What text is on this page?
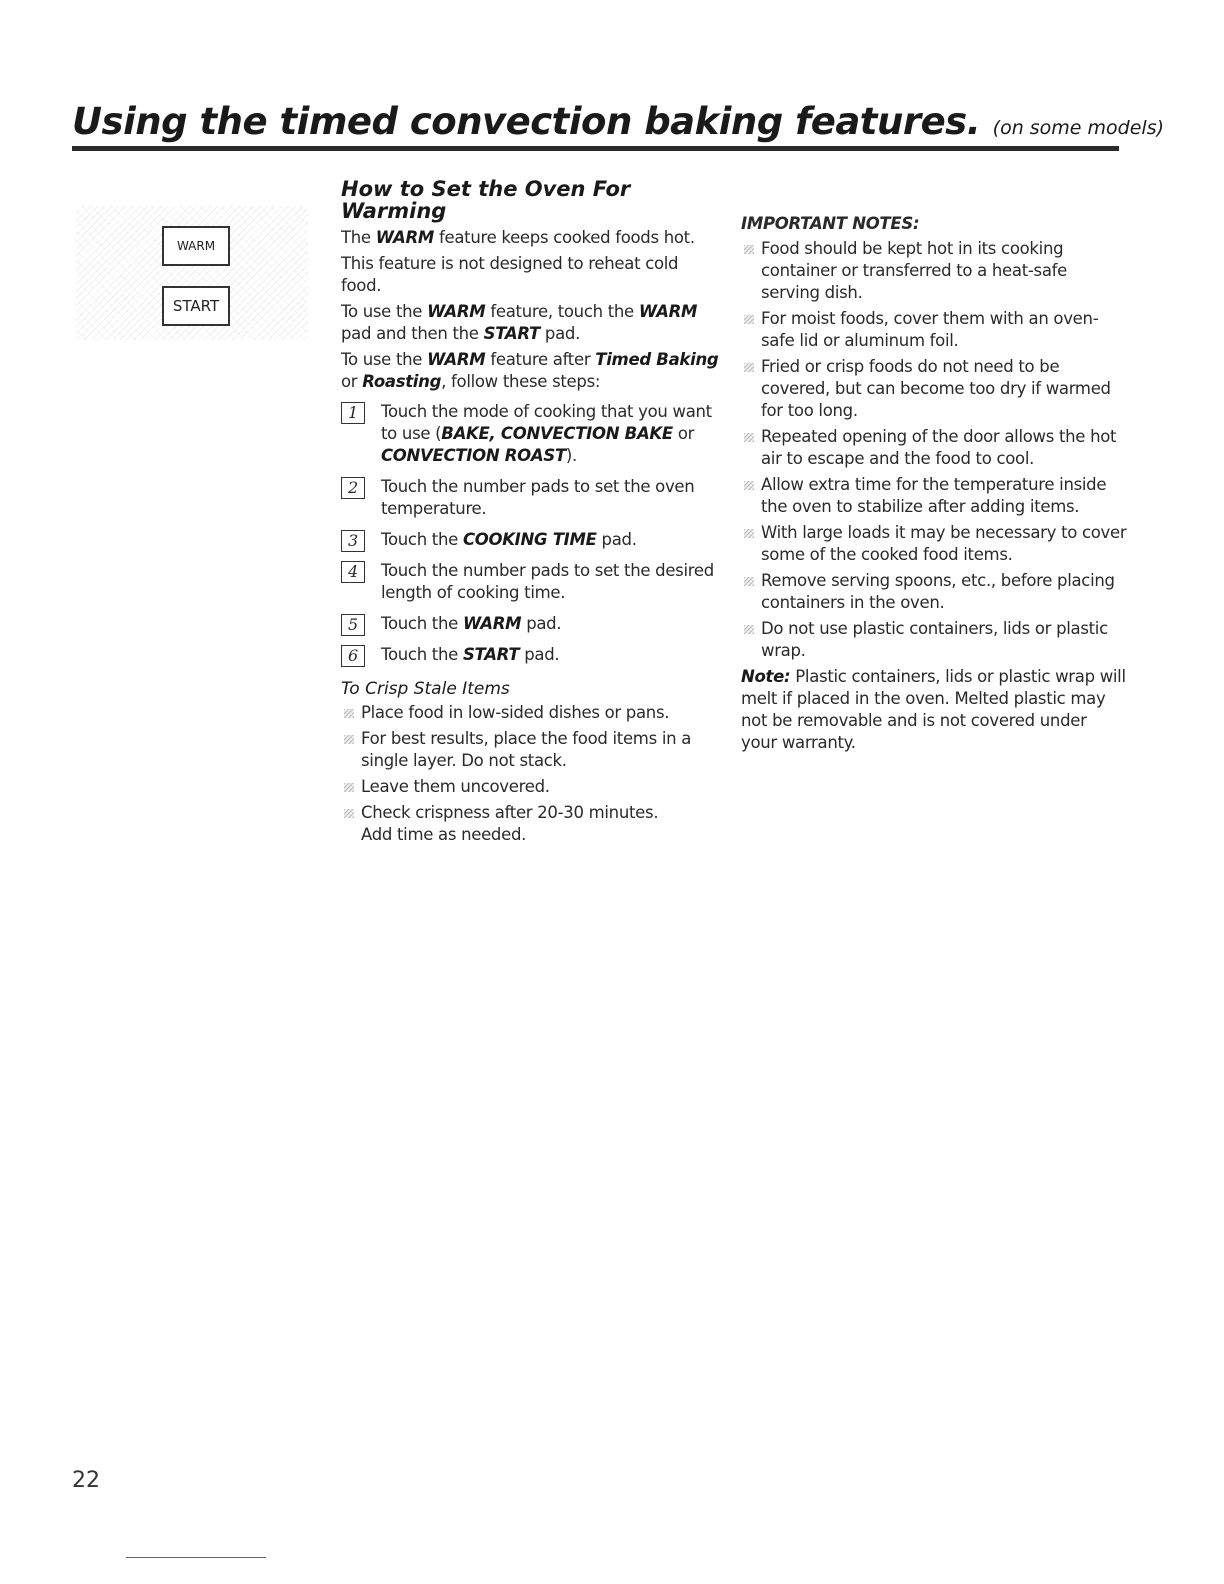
Using the timed convection baking features. (on some models)
WARM
START
How to Set the Oven For Warming

The WARM feature keeps cooked foods hot.

This feature is not designed to reheat cold food.

To use the WARM feature, touch the WARM pad and then the START pad.

To use the WARM feature after Timed Baking or Roasting, follow these steps:

1	Touch the mode of cooking that you want to use (BAKE, CONVECTION BAKE or CONVECTION ROAST).
2	Touch the number pads to set the oven temperature.
3	Touch the COOKING TIME pad.
4	Touch the number pads to set the desired length of cooking time.
5	Touch the WARM pad.
6	Touch the START pad.
To Crisp Stale Items
Place food in low-sided dishes or pans.
For best results, place the food items in a single layer. Do not stack.
Leave them uncovered.
Check crispness after 20-30 minutes.
Add time as needed.
IMPORTANT NOTES:
Food should be kept hot in its cooking container or transferred to a heat-safe serving dish.
For moist foods, cover them with an oven-safe lid or aluminum foil.
Fried or crisp foods do not need to be covered, but can become too dry if warmed for too long.
Repeated opening of the door allows the hot air to escape and the food to cool.
Allow extra time for the temperature inside the oven to stabilize after adding items.
With large loads it may be necessary to cover some of the cooked food items.
Remove serving spoons, etc., before placing containers in the oven.
Do not use plastic containers, lids or plastic wrap.

Note: Plastic containers, lids or plastic wrap will melt if placed in the oven. Melted plastic may not be removable and is not covered under your warranty.

22
